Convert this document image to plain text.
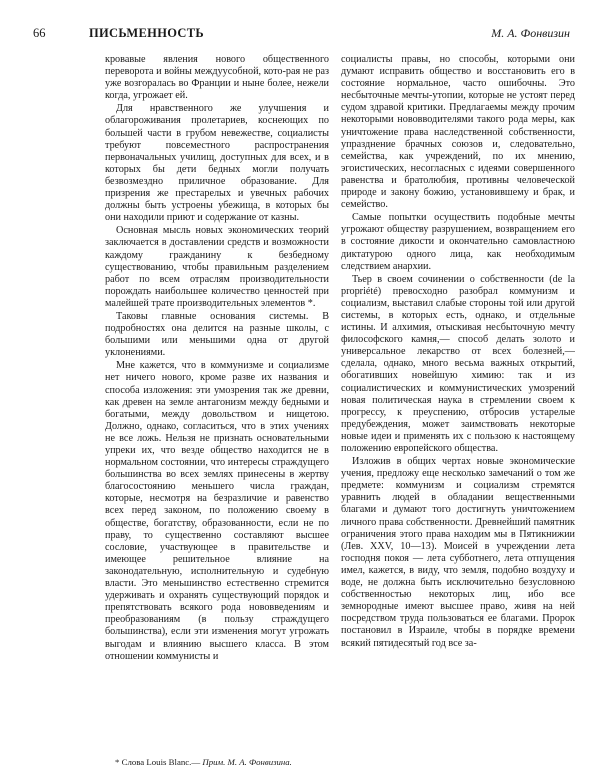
66	ПИСЬМЕННОСТЬ	М. А. Фонвизин

кровавые явления нового общественного переворота и войны междуусобной, кото-рая не раз уже возгоралась во Франции и ныне более, нежели когда, угрожает ей.

Для нравственного же улучшения и облагороживания пролетариев, коснеющих по большей части в грубом невежестве, социалисты требуют повсеместного распространения первоначальных училищ, доступных для всех, и в которых бы дети бедных могли получать безвозмездно приличное образование. Для призрения же престарелых и увечных рабочих должны быть устроены убежища, в которых бы они находили приют и содержание от казны.

Основная мысль новых экономических теорий заключается в доставлении средств и возможности каждому гражданину к безбедному существованию, чтобы правильным разделением работ по всем отраслям производительности порождать наибольшее количество ценностей при малейшей трате производительных элементов *.

Таковы главные основания системы. В подробностях она делится на разные школы, с большими или меньшими одна от другой уклонениями.

Мне кажется, что в коммунизме и социализме нет ничего нового, кроме разве их названия и способа изложения: эти умозрения так же древни, как древен на земле антагонизм между бедными и богатыми, между довольством и нищетою. Должно, однако, согласиться, что в этих учениях не все ложь. Нельзя не признать основательными упреки их, что везде общество находится не в нормальном состоянии, что интересы страждущего большинства во всех землях принесены в жертву благосостоянию меньшего числа граждан, которые, несмотря на безразличие и равенство всех перед законом, по положению своему в обществе, богатству, образованности, если не по праву, то существенно составляют высшее сословие, участвующее в правительстве и имеющее решительное влияние на законодательную, исполнительную и судебную власти. Это меньшинство естественно стремится удерживать и охранять существующий порядок и препятствовать всякого рода нововведениям и преобразованиям (в пользу страждущего большинства), если эти изменения могут угрожать выгодам и влиянию высшего класса. В этом отношении коммунисты и

* Слова Louis Blanc.— Прим. М. А. Фонвизина.

социалисты правы, но способы, которыми они думают исправить общество и восстановить его в состояние нормальное, часто ошибочны. Это несбыточные мечты-утопии, которые не устоят перед судом здравой критики. Предлагаемы между прочим некоторыми нововводителями такого рода меры, как уничтожение права наследственной собственности, упразднение брачных союзов и, следовательно, семейства, как учреждений, по их мнению, эгоистических, несогласных с идеями совершенного равенства и братолюбия, противны человеческой природе и закону божию, установившему и брак, и семейство.

Самые попытки осуществить подобные мечты угрожают обществу разрушением, возвращением его в состояние дикости и окончательно самовластною диктатурою одного лица, как необходимым следствием анархии.

Тьер в своем сочинении о собственности (de la propriété) превосходно разобрал коммунизм и социализм, выставил слабые стороны той или другой системы, в которых есть, однако, и отдельные истины. И алхимия, отыскивая несбыточную мечту философского камня,— способ делать золото и универсальное лекарство от всех болезней,— сделала, однако, много весьма важных открытий, обогатившиx новейшую химию: так и из социалистических и коммунистических умозрений новая политическая наука в стремлении своем к прогрессу, к преуспению, отбросив устарелые предубеждения, может заимствовать некоторые новые идеи и применять их с пользою к настоящему положению европейского общества.

Изложив в общих чертах новые экономические учения, предложу еще несколько замечаний о том же предмете: коммунизм и социализм стремятся уравнить людей в обладании вещественными благами и думают того достигнуть уничтожением личного права собственности. Древнейший памятник ограничения этого права находим мы в Пятикнижии (Лев. XXV, 10—13). Моисей в учреждении лета господня покоя — лета субботнего, лета отпущения имел, кажется, в виду, что земля, подобно воздуху и воде, не должна быть исключительно безусловною собственностью некоторых лиц, ибо все земнородные имеют высшее право, живя на ней посредством труда пользоваться ее благами. Пророк постановил в Израиле, чтобы в порядке времени всякий пятидесятый год все за-
